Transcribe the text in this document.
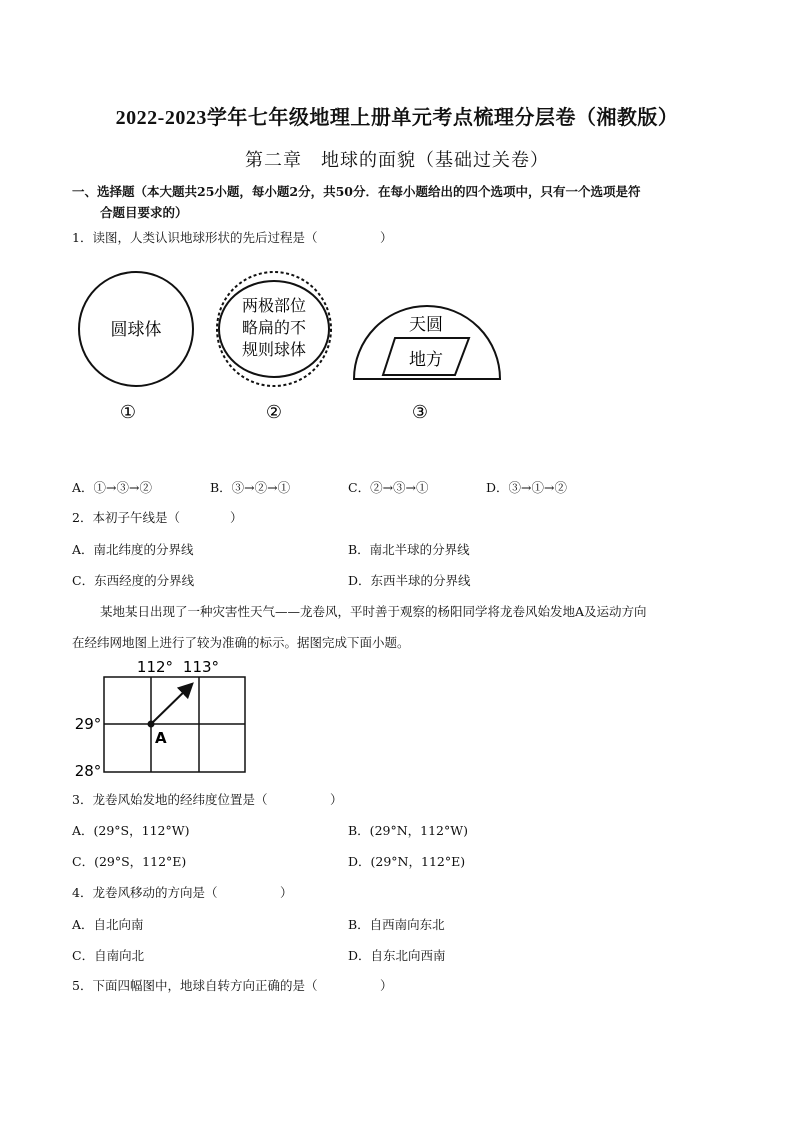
2022-2023学年七年级地理上册单元考点梳理分层卷（湘教版）
第二章　地球的面貌（基础过关卷）
一、选择题（本大题共25小题，每小题2分，共50分．在每小题给出的四个选项中，只有一个选项是符
合题目要求的）
1．读图，人类认识地球形状的先后过程是（　　　　　）
圆球体
两极部位
略扁的不
规则球体
天圆
地方
①	②	③
A．①→③→②	B．③→②→①	C．②→③→①	D．③→①→②
2．本初子午线是（　　　　）
A．南北纬度的分界线	B．南北半球的分界线
C．东西经度的分界线	D．东西半球的分界线
某地某日出现了一种灾害性天气——龙卷风，平时善于观察的杨阳同学将龙卷风始发地A及运动方向
在经纬网地图上进行了较为准确的标示。据图完成下面小题。
A
112° 113°
29°
28°
3．龙卷风始发地的经纬度位置是（　　　　　）
A．(29°S，112°W)	B．(29°N，112°W)
C．(29°S，112°E)	D．(29°N，112°E)
4．龙卷风移动的方向是（　　　　　）
A．自北向南	B．自西南向东北
C．自南向北	D．自东北向西南
5．下面四幅图中，地球自转方向正确的是（　　　　　）
